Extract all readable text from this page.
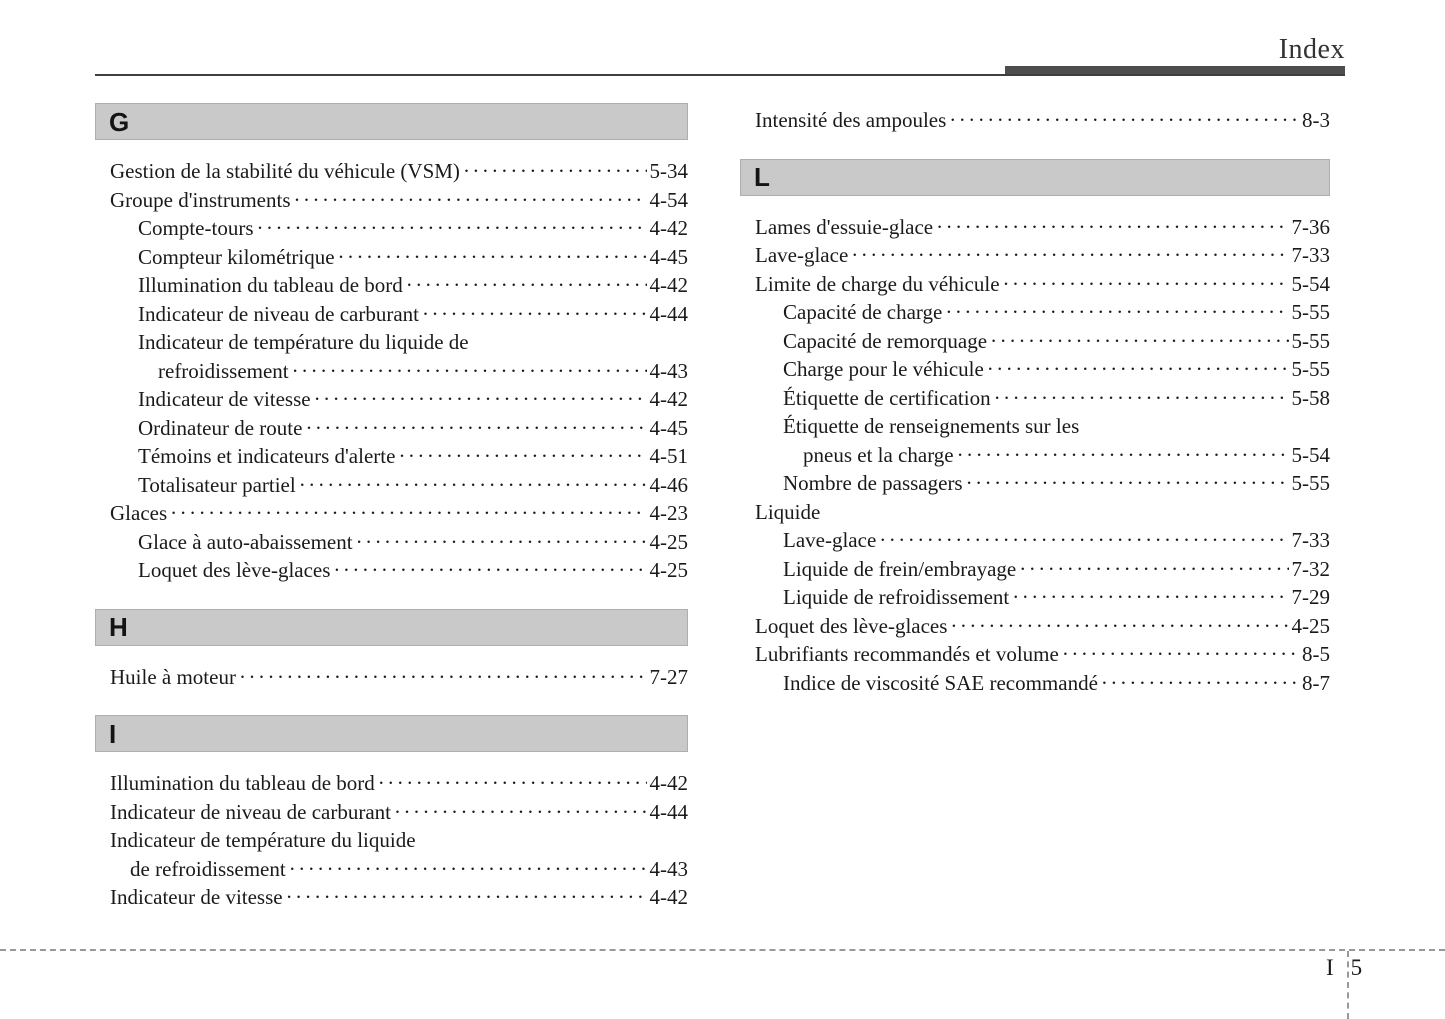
Index
G
Gestion de la stabilité du véhicule (VSM) ·····	5-34
Groupe d'instruments ·····	4-54
Compte-tours ·····	4-42
Compteur kilométrique ·····	4-45
Illumination du tableau de bord ·····	4-42
Indicateur de niveau de carburant ·····	4-44
Indicateur de température du liquide de
refroidissement ·····	4-43
Indicateur de vitesse ·····	4-42
Ordinateur de route ·····	4-45
Témoins et indicateurs d'alerte ·····	4-51
Totalisateur partiel ·····	4-46
Glaces ·····	4-23
Glace à auto-abaissement ·····	4-25
Loquet des lève-glaces ·····	4-25
H
Huile à moteur ·····	7-27
I
Illumination du tableau de bord ·····	4-42
Indicateur de niveau de carburant ·····	4-44
Indicateur de température du liquide
de refroidissement ·····	4-43
Indicateur de vitesse ·····	4-42
Intensité des ampoules ·····	8-3
L
Lames d'essuie-glace ·····	7-36
Lave-glace ·····	7-33
Limite de charge du véhicule ·····	5-54
Capacité de charge ·····	5-55
Capacité de remorquage ·····	5-55
Charge pour le véhicule ·····	5-55
Étiquette de certification ·····	5-58
Étiquette de renseignements sur les
pneus et la charge ·····	5-54
Nombre de passagers ·····	5-55
Liquide
Lave-glace ·····	7-33
Liquide de frein/embrayage ·····	7-32
Liquide de refroidissement ·····	7-29
Loquet des lève-glaces ·····	4-25
Lubrifiants recommandés et volume ·····	8-5
Indice de viscosité SAE recommandé ·····	8-7
I 5
